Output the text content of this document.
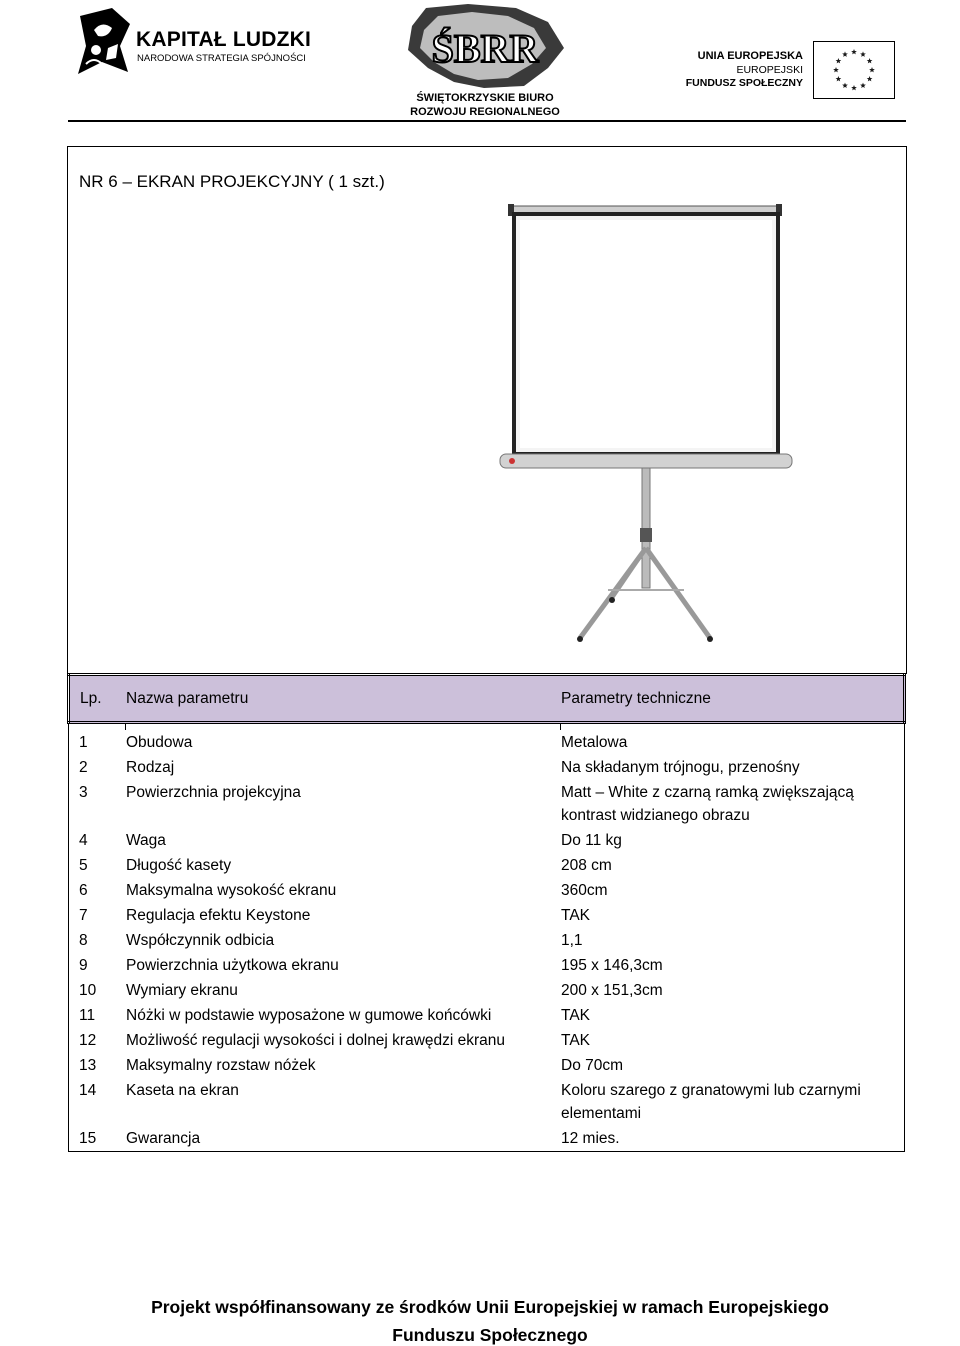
KAPITAŁ LUDZKI
NARODOWA STRATEGIA SPÓJNOŚCI	ŚBRR
ŚWIĘTOKRZYSKIE BIURO
ROZWOJU REGIONALNEGO
UNIA EUROPEJSKA
EUROPEJSKI
FUNDUSZ SPOŁECZNY
NR 6 – EKRAN PROJEKCYJNY ( 1 szt.)
Lp.	Nazwa parametru	Parametry techniczne

1	Obudowa	Metalowa
2	Rodzaj	Na składanym trójnogu, przenośny
3	Powierzchnia projekcyjna	Matt – White z czarną ramką zwiększającą kontrast widzianego obrazu
4	Waga	Do 11 kg
5	Długość kasety	208 cm
6	Maksymalna wysokość ekranu	360cm
7	Regulacja efektu Keystone	TAK
8	Współczynnik odbicia	1,1
9	Powierzchnia użytkowa ekranu	195 x 146,3cm
10	Wymiary ekranu	200 x 151,3cm
11	Nóżki w podstawie wyposażone w gumowe końcówki	TAK
12	Możliwość regulacji wysokości i dolnej krawędzi ekranu	TAK
13	Maksymalny rozstaw nóżek	Do 70cm
14	Kaseta na ekran	Koloru szarego z granatowymi lub czarnymi elementami
15	Gwarancja	12 mies.
Projekt współfinansowany ze środków Unii Europejskiej w ramach Europejskiego
Funduszu Społecznego
